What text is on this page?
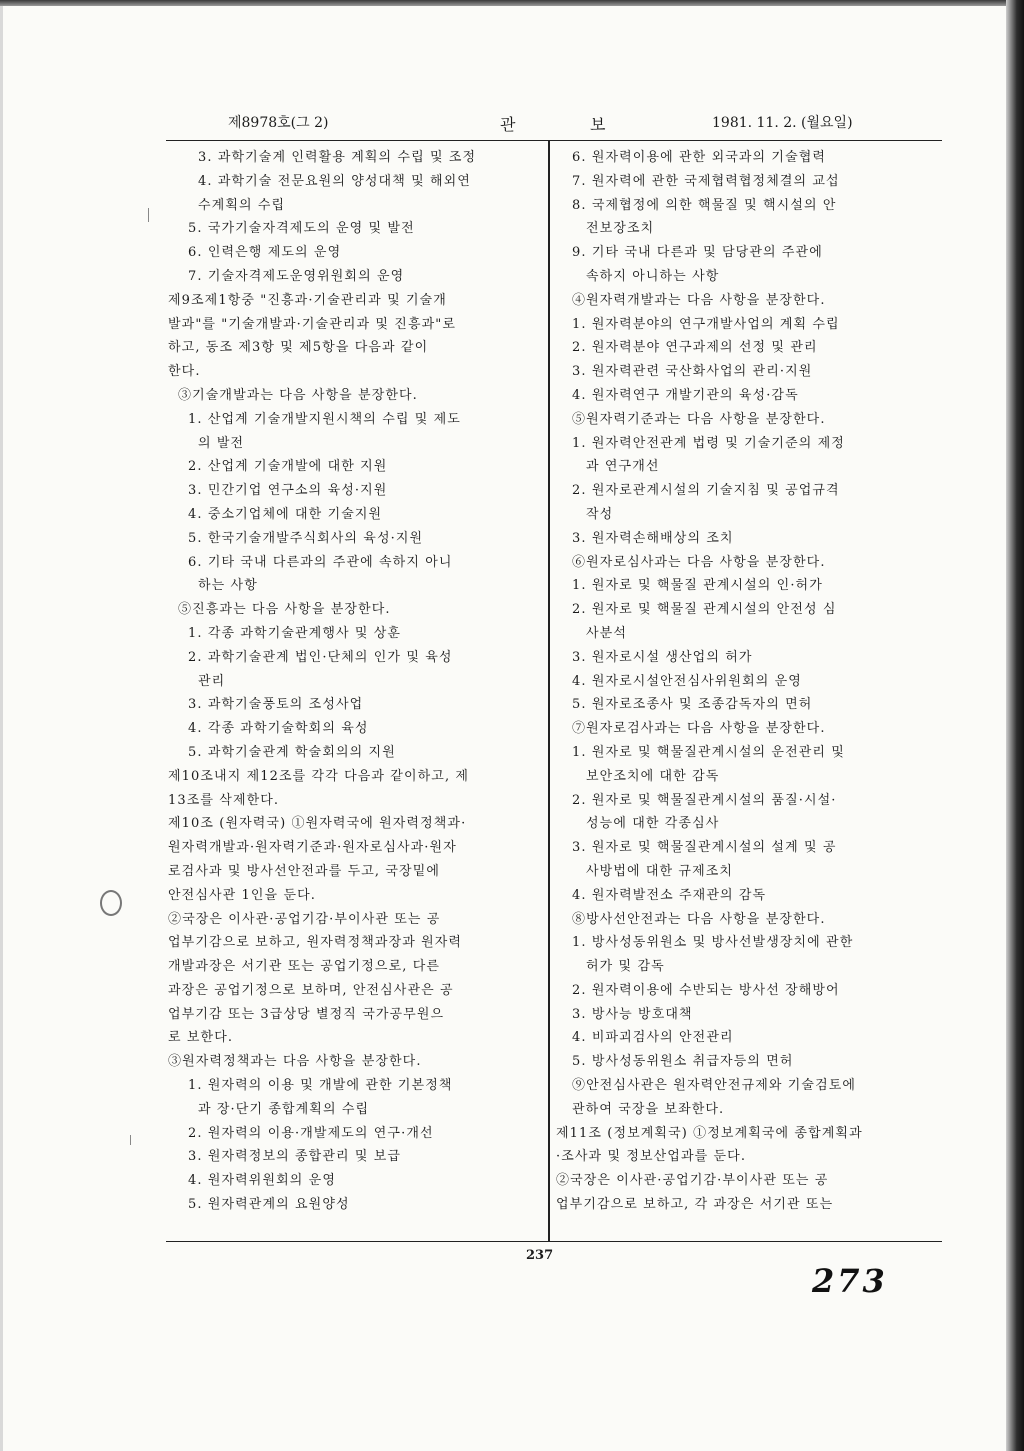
제8978호(그 2)	관	보	1981. 11. 2. (월요일)
3. 과학기술계 인력활용 계획의 수립 및 조정
4. 과학기술 전문요원의 양성대책 및 해외연
수계획의 수립
5. 국가기술자격제도의 운영 및 발전
6. 인력은행 제도의 운영
7. 기술자격제도운영위원회의 운영
제9조제1항중 "진흥과·기술관리과 및 기술개
발과"를 "기술개발과·기술관리과 및 진흥과"로
하고, 동조 제3항 및 제5항을 다음과 같이
한다.
③기술개발과는 다음 사항을 분장한다.
1. 산업계 기술개발지원시책의 수립 및 제도
의 발전
2. 산업계 기술개발에 대한 지원
3. 민간기업 연구소의 육성·지원
4. 중소기업체에 대한 기술지원
5. 한국기술개발주식회사의 육성·지원
6. 기타 국내 다른과의 주관에 속하지 아니
하는 사항
⑤진흥과는 다음 사항을 분장한다.
1. 각종 과학기술관계행사 및 상훈
2. 과학기술관계 법인·단체의 인가 및 육성
관리
3. 과학기술풍토의 조성사업
4. 각종 과학기술학회의 육성
5. 과학기술관계 학술회의의 지원
제10조내지 제12조를 각각 다음과 같이하고, 제
13조를 삭제한다.
제10조 (원자력국) ①원자력국에 원자력정책과·
원자력개발과·원자력기준과·원자로심사과·원자
로검사과 및 방사선안전과를 두고, 국장밑에
안전심사관 1인을 둔다.
②국장은 이사관·공업기감·부이사관 또는 공
업부기감으로 보하고, 원자력정책과장과 원자력
개발과장은 서기관 또는 공업기정으로, 다른
과장은 공업기정으로 보하며, 안전심사관은 공
업부기감 또는 3급상당 별정직 국가공무원으
로 보한다.
③원자력정책과는 다음 사항을 분장한다.
1. 원자력의 이용 및 개발에 관한 기본정책
과 장·단기 종합계획의 수립
2. 원자력의 이용·개발제도의 연구·개선
3. 원자력정보의 종합관리 및 보급
4. 원자력위원회의 운영
5. 원자력관계의 요원양성
6. 원자력이용에 관한 외국과의 기술협력
7. 원자력에 관한 국제협력협정체결의 교섭
8. 국제협정에 의한 핵물질 및 핵시설의 안
전보장조치
9. 기타 국내 다른과 및 담당관의 주관에
속하지 아니하는 사항
④원자력개발과는 다음 사항을 분장한다.
1. 원자력분야의 연구개발사업의 계획 수립
2. 원자력분야 연구과제의 선정 및 관리
3. 원자력관련 국산화사업의 관리·지원
4. 원자력연구 개발기관의 육성·감독
⑤원자력기준과는 다음 사항을 분장한다.
1. 원자력안전관계 법령 및 기술기준의 제정
과 연구개선
2. 원자로관계시설의 기술지침 및 공업규격
작성
3. 원자력손해배상의 조치
⑥원자로심사과는 다음 사항을 분장한다.
1. 원자로 및 핵물질 관계시설의 인·허가
2. 원자로 및 핵물질 관계시설의 안전성 심
사분석
3. 원자로시설 생산업의 허가
4. 원자로시설안전심사위원회의 운영
5. 원자로조종사 및 조종감독자의 면허
⑦원자로검사과는 다음 사항을 분장한다.
1. 원자로 및 핵물질관계시설의 운전관리 및
보안조치에 대한 감독
2. 원자로 및 핵물질관계시설의 품질·시설·
성능에 대한 각종심사
3. 원자로 및 핵물질관계시설의 설계 및 공
사방법에 대한 규제조치
4. 원자력발전소 주재관의 감독
⑧방사선안전과는 다음 사항을 분장한다.
1. 방사성동위원소 및 방사선발생장치에 관한
허가 및 감독
2. 원자력이용에 수반되는 방사선 장해방어
3. 방사능 방호대책
4. 비파괴검사의 안전관리
5. 방사성동위원소 취급자등의 면허
⑨안전심사관은 원자력안전규제와 기술검토에
관하여 국장을 보좌한다.
제11조 (정보계획국) ①정보계획국에 종합계획과
·조사과 및 정보산업과를 둔다.
②국장은 이사관·공업기감·부이사관 또는 공
업부기감으로 보하고, 각 과장은 서기관 또는
237
273
